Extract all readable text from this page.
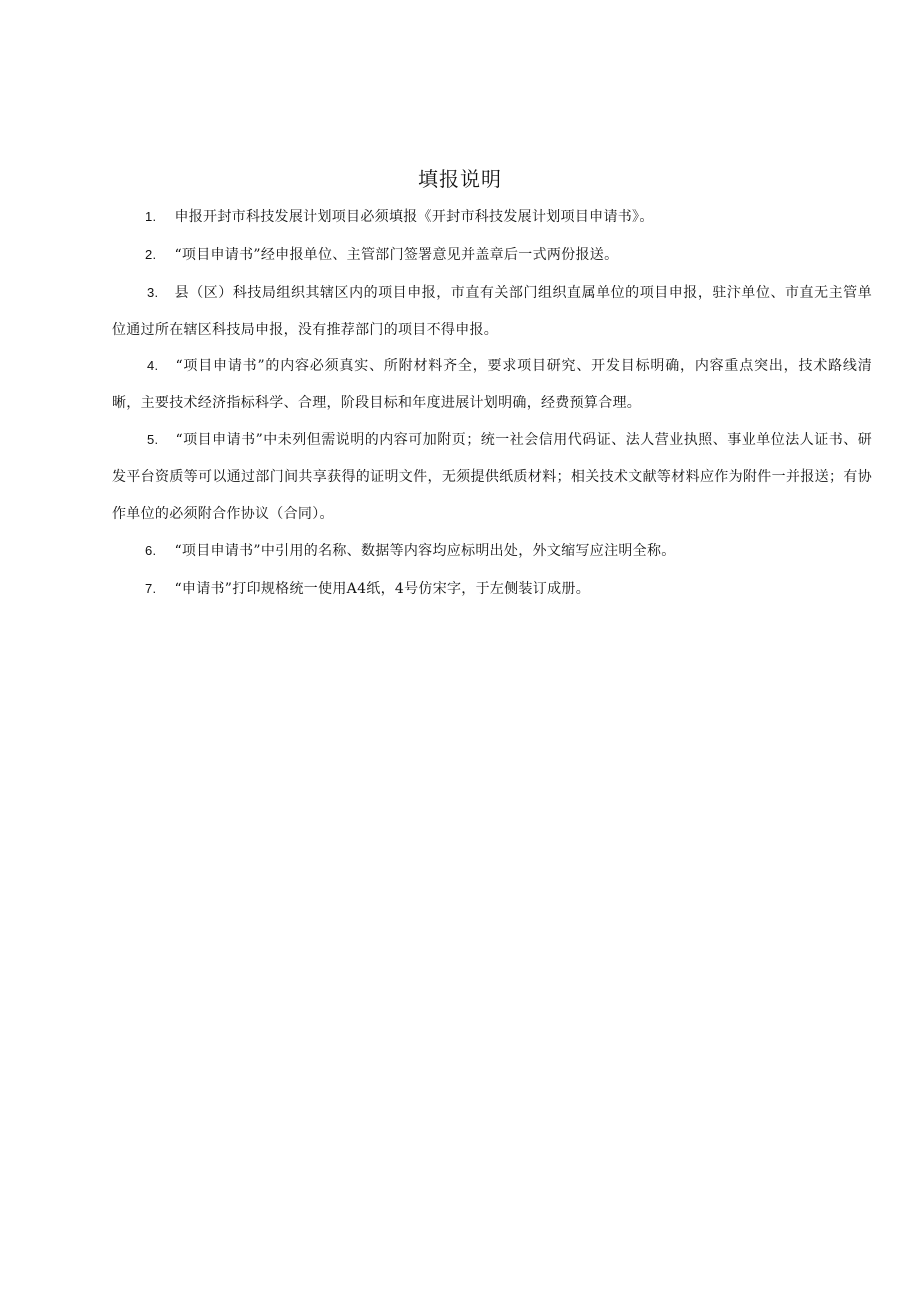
填报说明
1. 申报开封市科技发展计划项目必须填报《开封市科技发展计划项目申请书》。
2. “项目申请书”经申报单位、主管部门签署意见并盖章后一式两份报送。
3. 县（区）科技局组织其辖区内的项目申报，市直有关部门组织直属单位的项目申报，驻汴单位、市直无主管单位通过所在辖区科技局申报，没有推荐部门的项目不得申报。
4. “项目申请书”的内容必须真实、所附材料齐全，要求项目研究、开发目标明确，内容重点突出，技术路线清晰，主要技术经济指标科学、合理，阶段目标和年度进展计划明确，经费预算合理。
5. “项目申请书”中未列但需说明的内容可加附页；统一社会信用代码证、法人营业执照、事业单位法人证书、研发平台资质等可以通过部门间共享获得的证明文件，无须提供纸质材料；相关技术文献等材料应作为附件一并报送；有协作单位的必须附合作协议（合同）。
6. “项目申请书”中引用的名称、数据等内容均应标明出处，外文缩写应注明全称。
7. “申请书”打印规格统一使用A4纸，4号仿宋字，于左侧装订成册。
